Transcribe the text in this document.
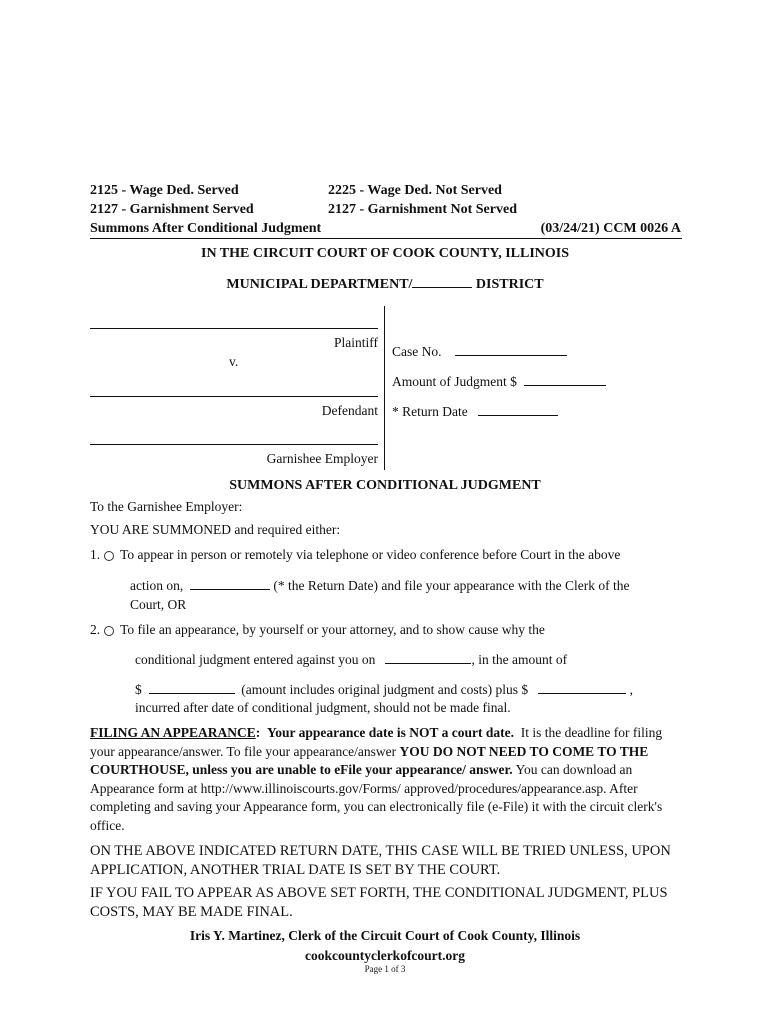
2125 - Wage Ded. Served	2225 - Wage Ded. Not Served
2127 - Garnishment Served	2127 - Garnishment Not Served
Summons After Conditional Judgment	(03/24/21) CCM 0026 A
IN THE CIRCUIT COURT OF COOK COUNTY, ILLINOIS
MUNICIPAL DEPARTMENT/	DISTRICT
Plaintiff
v.
Defendant
Garnishee Employer
Case No.
Amount of Judgment $
* Return Date
SUMMONS AFTER CONDITIONAL JUDGMENT
To the Garnishee Employer:
YOU ARE SUMMONED and required either:
1. To appear in person or remotely via telephone or video conference before Court in the above
action on,	(* the Return Date) and file your appearance with the Clerk of the
Court, OR
2. To file an appearance, by yourself or your attorney, and to show cause why the
conditional judgment entered against you on	, in the amount of
$	(amount includes original judgment and costs) plus $	,
incurred after date of conditional judgment, should not be made final.
FILING AN APPEARANCE: Your appearance date is NOT a court date. It is the deadline for filing your appearance/answer. To file your appearance/answer YOU DO NOT NEED TO COME TO THE COURTHOUSE, unless you are unable to eFile your appearance/ answer. You can download an Appearance form at http://www.illinoiscourts.gov/Forms/ approved/procedures/appearance.asp. After completing and saving your Appearance form, you can electronically file (e-File) it with the circuit clerk's office.
ON THE ABOVE INDICATED RETURN DATE, THIS CASE WILL BE TRIED UNLESS, UPON APPLICATION, ANOTHER TRIAL DATE IS SET BY THE COURT.
IF YOU FAIL TO APPEAR AS ABOVE SET FORTH, THE CONDITIONAL JUDGMENT, PLUS COSTS, MAY BE MADE FINAL.
Iris Y. Martinez, Clerk of the Circuit Court of Cook County, Illinois
cookcountyclerkofcourt.org
Page 1 of 3
